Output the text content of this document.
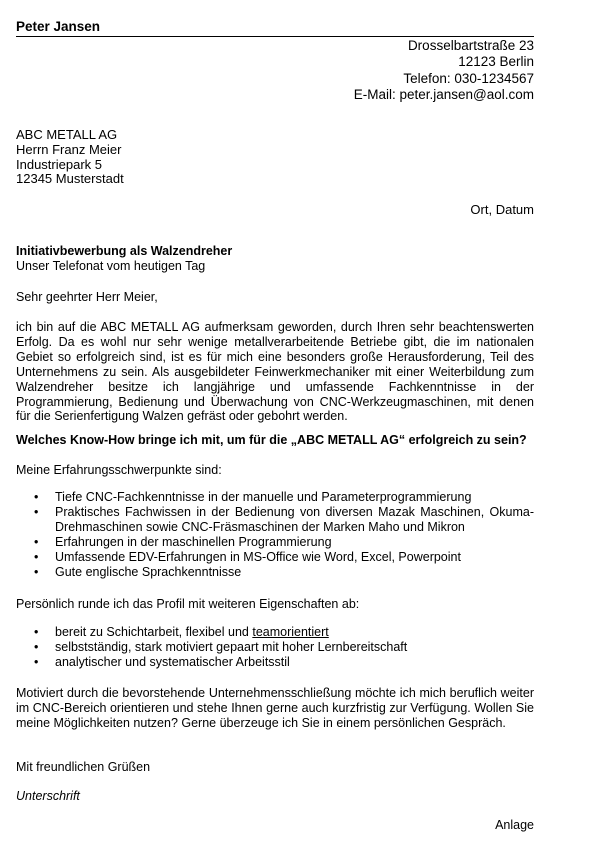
Peter Jansen
Drosselbartstraße 23
12123 Berlin
Telefon: 030-1234567
E-Mail: peter.jansen@aol.com
ABC METALL AG
Herrn Franz Meier
Industriepark 5
12345 Musterstadt
Ort, Datum
Initiativbewerbung als Walzendreher
Unser Telefonat vom heutigen Tag
Sehr geehrter Herr Meier,
ich bin auf die ABC METALL AG aufmerksam geworden, durch Ihren sehr beachtenswerten Erfolg. Da es wohl nur sehr wenige metallverarbeitende Betriebe gibt, die im nationalen Gebiet so erfolgreich sind, ist es für mich eine besonders große Herausforderung, Teil des Unternehmens zu sein. Als ausgebildeter Feinwerkmechaniker mit einer Weiterbildung zum Walzendreher besitze ich langjährige und umfassende Fachkenntnisse in der Programmierung, Bedienung und Überwachung von CNC-Werkzeugmaschinen, mit denen für die Serienfertigung Walzen gefräst oder gebohrt werden.
Welches Know-How bringe ich mit, um für die „ABC METALL AG“ erfolgreich zu sein?
Meine Erfahrungsschwerpunkte sind:
• Tiefe CNC-Fachkenntnisse in der manuelle und Parameterprogrammierung
• Praktisches Fachwissen in der Bedienung von diversen Mazak Maschinen, Okuma-Drehmaschinen sowie CNC-Fräsmaschinen der Marken Maho und Mikron
• Erfahrungen in der maschinellen Programmierung
• Umfassende EDV-Erfahrungen in MS-Office wie Word, Excel, Powerpoint
• Gute englische Sprachkenntnisse
Persönlich runde ich das Profil mit weiteren Eigenschaften ab:
• bereit zu Schichtarbeit, flexibel und teamorientiert
• selbstständig, stark motiviert gepaart mit hoher Lernbereitschaft
• analytischer und systematischer Arbeitsstil
Motiviert durch die bevorstehende Unternehmensschließung möchte ich mich beruflich weiter im CNC-Bereich orientieren und stehe Ihnen gerne auch kurzfristig zur Verfügung. Wollen Sie meine Möglichkeiten nutzen? Gerne überzeuge ich Sie in einem persönlichen Gespräch.
Mit freundlichen Grüßen
Unterschrift
Anlage
